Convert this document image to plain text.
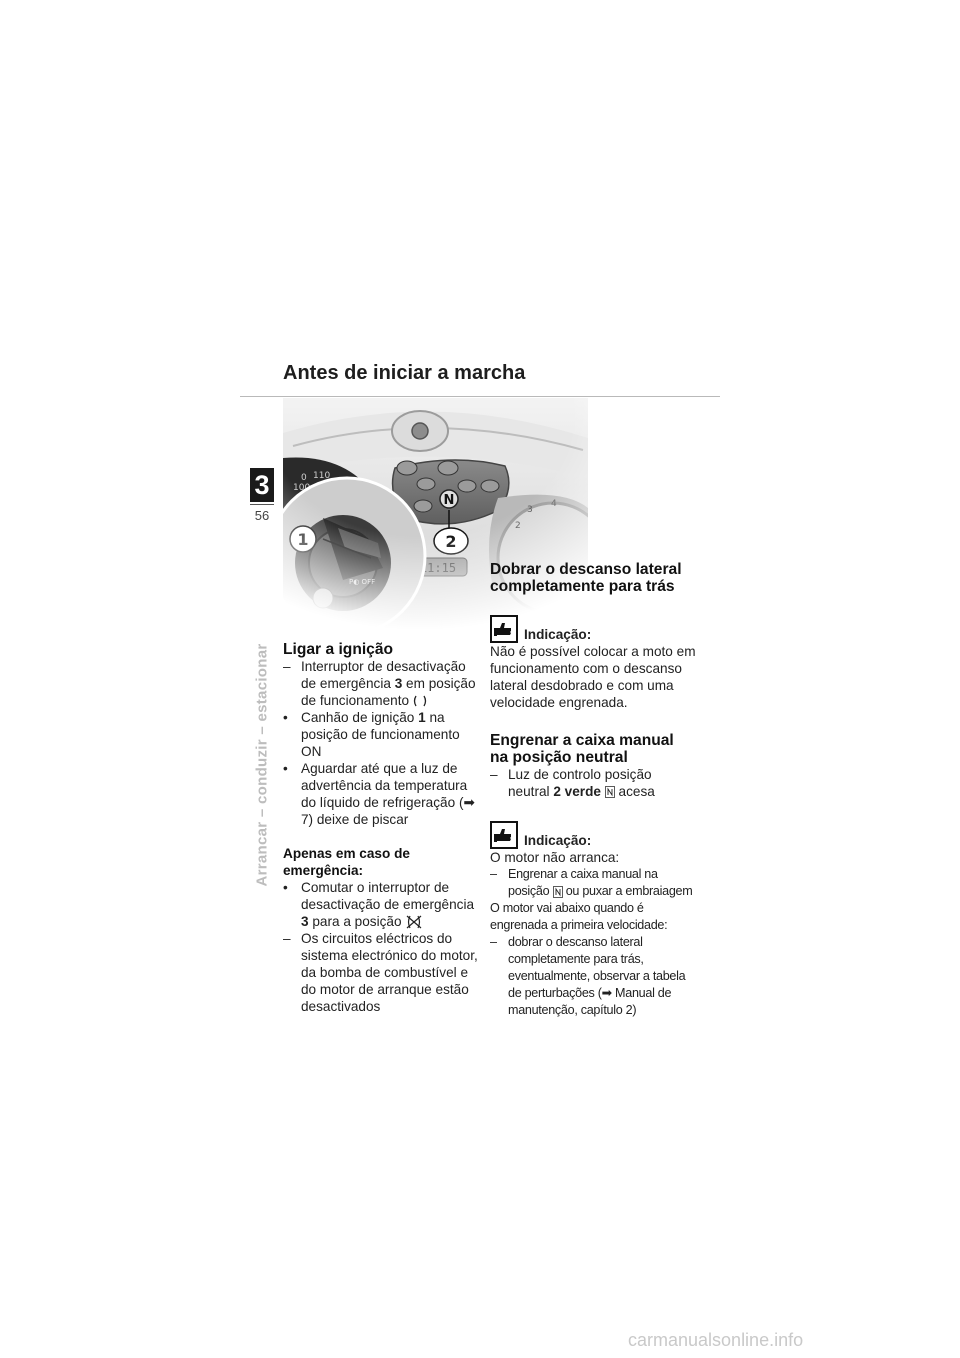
Antes de iniciar a marcha
3
56
Arrancar – conduzir – estacionar Ligar a ignição
– Interruptor de desactivação de emergência 3 em posição de funcionamento
• Canhão de ignição 1 na posição de funcionamento ON
• Aguardar até que a luz de advertência da temperatura do líquido de refrigeração (➡ 7) deixe de piscar
Apenas em caso de emergência:
• Comutar o interruptor de desactivação de emergência 3 para a posição
– Os circuitos eléctricos do sistema electrónico do motor, da bomba de combustível e do motor de arranque estão desactivados
Dobrar o descanso lateral completamente para trás
Indicação:
Não é possível colocar a moto em funcionamento com o descanso lateral desdobrado e com uma velocidade engrenada.
Engrenar a caixa manual na posição neutral
– Luz de controlo posição neutral 2 verde  acesa
Indicação:
O motor não arranca:
– Engrenar a caixa manual na posição  ou puxar a embraiagem
O motor vai abaixo quando é engrenada a primeira velocidade:
– dobrar o descanso lateral completamente para trás, eventualmente, observar a tabela de perturbações (➡ Manual de manutenção, capítulo 2)
carmanualsonline.info
